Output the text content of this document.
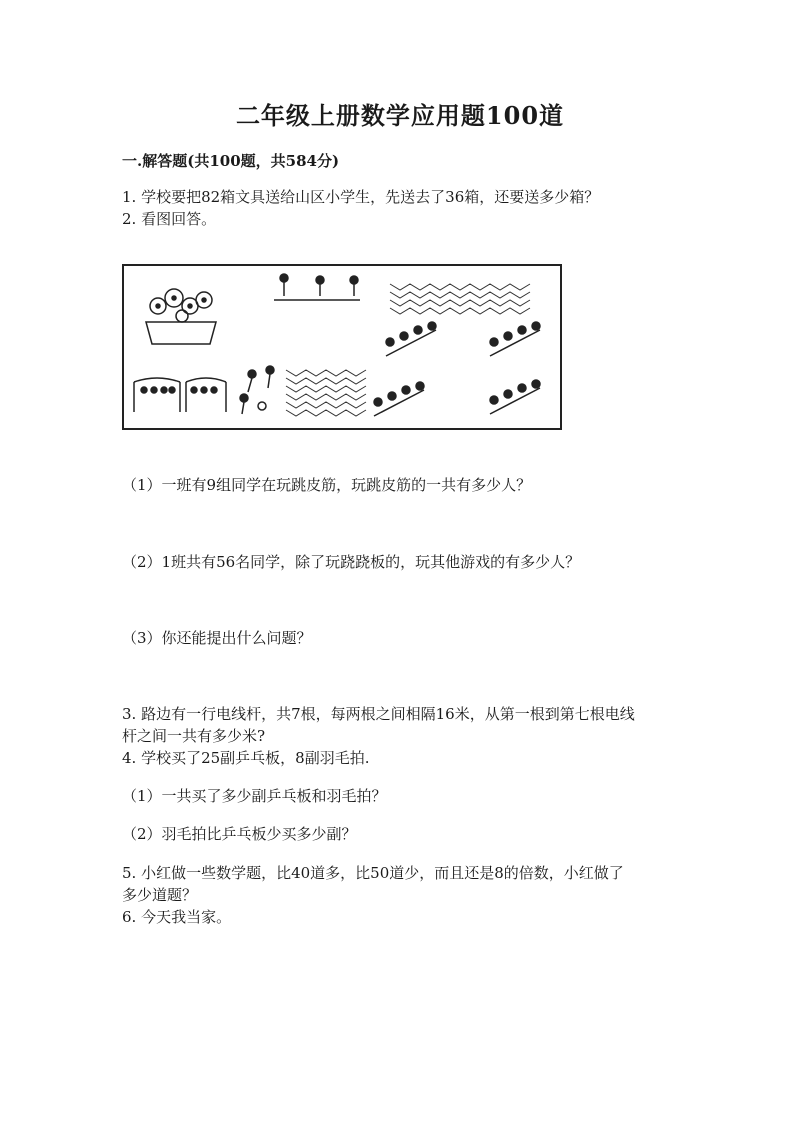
二年级上册数学应用题100道
一.解答题(共100题，共584分)
1. 学校要把82箱文具送给山区小学生，先送去了36箱，还要送多少箱？
2. 看图回答。
（1）一班有9组同学在玩跳皮筋，玩跳皮筋的一共有多少人？
（2）1班共有56名同学，除了玩跷跷板的，玩其他游戏的有多少人？
（3）你还能提出什么问题？
3. 路边有一行电线杆，共7根，每两根之间相隔16米，从第一根到第七根电线
杆之间一共有多少米?
4. 学校买了25副乒乓板，8副羽毛拍.
（1）一共买了多少副乒乓板和羽毛拍？
（2）羽毛拍比乒乓板少买多少副？
5. 小红做一些数学题，比40道多，比50道少，而且还是8的倍数，小红做了
多少道题？
6. 今天我当家。
